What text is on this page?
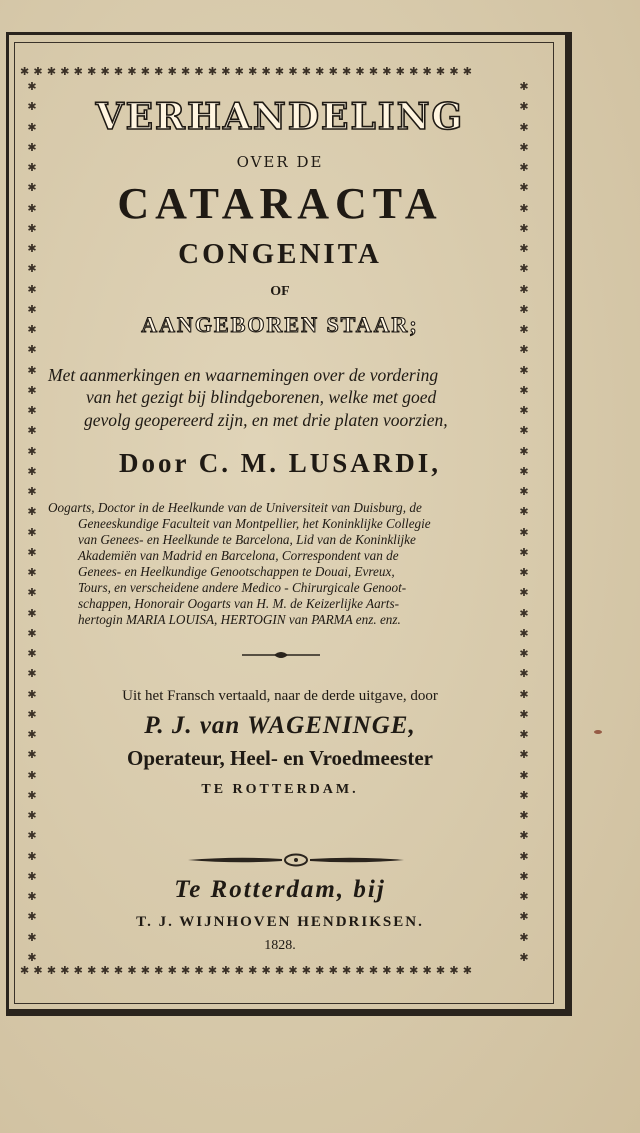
✱✱✱✱✱✱✱✱✱✱✱✱✱✱✱✱✱✱✱✱✱✱✱✱✱✱✱✱✱✱✱✱✱✱
✱✱✱✱✱✱✱✱✱✱✱✱✱✱✱✱✱✱✱✱✱✱✱✱✱✱✱✱✱✱✱✱✱✱
✱
✱
✱
✱
✱
✱
✱
✱
✱
✱
✱
✱
✱
✱
✱
✱
✱
✱
✱
✱
✱
✱
✱
✱
✱
✱
✱
✱
✱
✱
✱
✱
✱
✱
✱
✱
✱
✱
✱
✱
✱
✱
✱
✱
✱
✱
✱
✱
✱
✱
✱
✱
✱
✱
✱
✱
✱
✱
✱
✱
✱
✱
✱
✱
✱
✱
✱
✱
✱
✱
✱
✱
✱
✱
✱
✱
✱
✱
✱
✱
✱
✱
✱
✱
✱
✱
✱
✱
VERHANDELING
OVER DE
CATARACTA
CONGENITA
OF
AANGEBOREN STAAR;
Met aanmerkingen en waarnemingen over de vordering
van het gezigt bij blindgeborenen, welke met goed
gevolg geopereerd zijn, en met drie platen voorzien,
Door C. M. LUSARDI,
Oogarts, Doctor in de Heelkunde van de Universiteit van Duisburg, de
Geneeskundige Faculteit van Montpellier, het Koninklijke Collegie
van Genees- en Heelkunde te Barcelona, Lid van de Koninklijke
Akademiën van Madrid en Barcelona, Correspondent van de
Genees- en Heelkundige Genootschappen te Douai, Evreux,
Tours, en verscheidene andere Medico - Chirurgicale Genoot-
schappen, Honorair Oogarts van H. M. de Keizerlijke Aarts-
hertogin MARIA LOUISA, HERTOGIN van PARMA enz. enz.
Uit het Fransch vertaald, naar de derde uitgave, door
P. J. van WAGENINGE,
Operateur, Heel- en Vroedmeester
TE ROTTERDAM.
Te Rotterdam, bij
T. J. WIJNHOVEN HENDRIKSEN.
1828.
